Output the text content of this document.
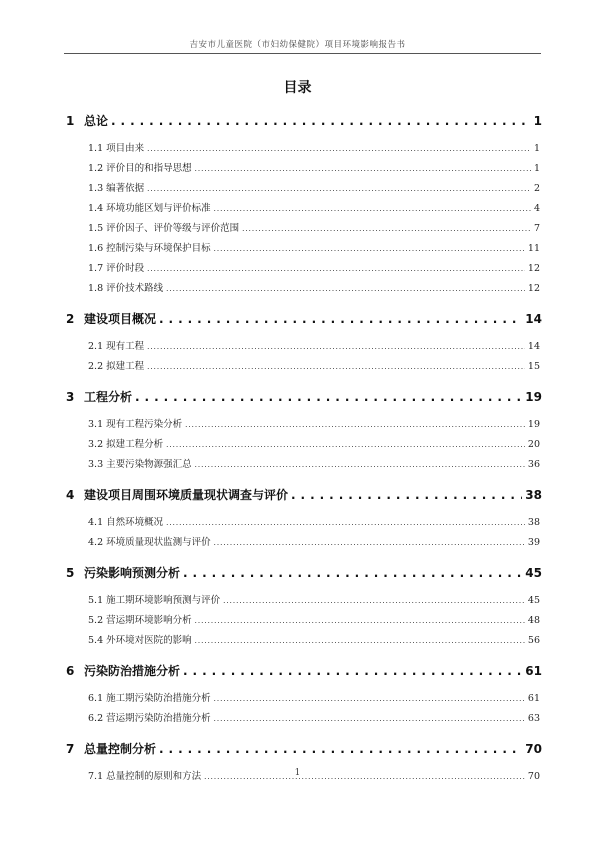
吉安市儿童医院（市妇幼保健院）项目环境影响报告书
目录
1 总论 . . .	1
1.1 项目由来 . . .	1
1.2 评价目的和指导思想 . . .	1
1.3 编著依据 . . .	2
1.4 环境功能区划与评价标准 . . .	4
1.5 评价因子、评价等级与评价范围 . . .	7
1.6 控制污染与环境保护目标 . . .	11
1.7 评价时段 . . .	12
1.8 评价技术路线 . . .	12
2 建设项目概况 . . .	14
2.1 现有工程 . . .	14
2.2 拟建工程 . . .	15
3 工程分析 . . .	19
3.1 现有工程污染分析 . . .	19
3.2 拟建工程分析 . . .	20
3.3 主要污染物源强汇总 . . .	36
4 建设项目周围环境质量现状调查与评价 . . .	38
4.1 自然环境概况 . . .	38
4.2 环境质量现状监测与评价 . . .	39
5 污染影响预测分析 . . .	45
5.1 施工期环境影响预测与评价 . . .	45
5.2 营运期环境影响分析 . . .	48
5.4 外环境对医院的影响 . . .	56
6 污染防治措施分析 . . .	61
6.1 施工期污染防治措施分析 . . .	61
6.2 营运期污染防治措施分析 . . .	63
7 总量控制分析 . . .	70
7.1 总量控制的原则和方法 . . .	70
1
